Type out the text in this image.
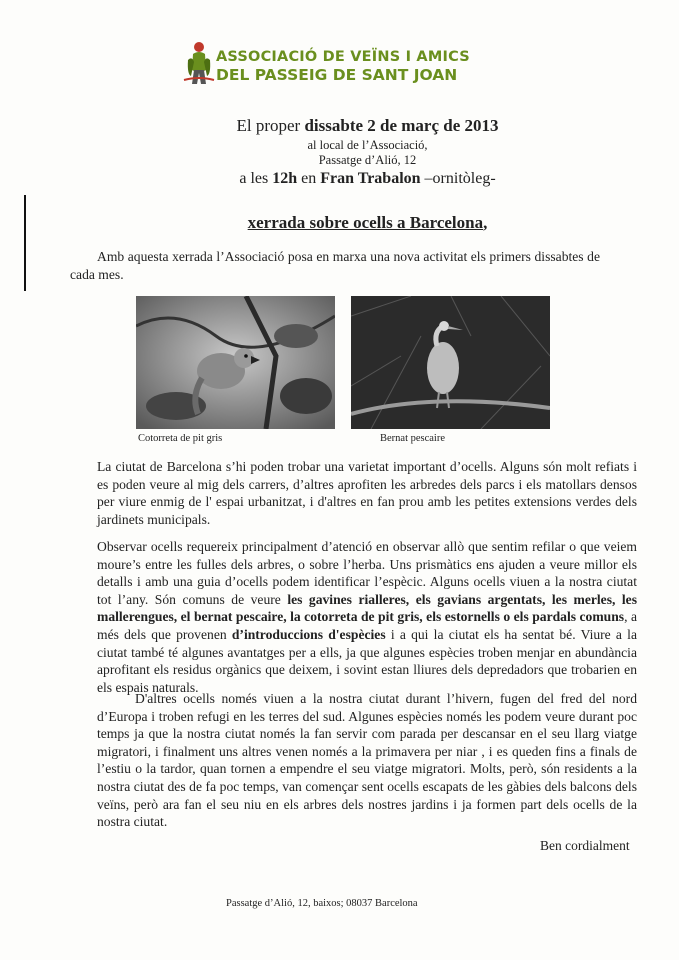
ASSOCIACIÓ DE VEÏNS I AMICS
DEL PASSEIG DE SANT JOAN
El proper dissabte 2 de març de 2013
al local de l’Associació,
Passatge d’Alió, 12
a les 12h en Fran Trabalon –ornitòleg-
xerrada sobre ocells a Barcelona,

Amb aquesta xerrada l’Associació posa en marxa una nova activitat els primers dissabtes de cada mes.

Cotorreta de pit gris	Bernat pescaire

La ciutat de Barcelona s’hi poden trobar una varietat important d’ocells. Alguns són molt refiats i es poden veure al mig dels carrers, d’altres aprofiten les arbredes dels parcs i els matollars densos per viure enmig de l' espai urbanitzat, i d'altres en fan prou amb les petites extensions verdes dels jardinets municipals.

Observar ocells requereix principalment d’atenció en observar allò que sentim refilar o que veiem moure’s entre les fulles dels arbres, o sobre l’herba. Uns prismàtics ens ajuden a veure millor els detalls i amb una guia d’ocells podem identificar l’espècic. Alguns ocells viuen a la nostra ciutat tot l’any. Són comuns de veure les gavines rialleres, els gavians argentats, les merles, les mallerengues, el bernat pescaire, la cotorreta de pit gris, els estornells o els pardals comuns, a més dels que provenen d’introduccions d'espècies i a qui la ciutat els ha sentat bé. Viure a la ciutat també té algunes avantatges per a ells, ja que algunes espècies troben menjar en abundància aprofitant els residus orgànics que deixem, i sovint estan lliures dels depredadors que trobarien en els espais naturals.

D'altres ocells només viuen a la nostra ciutat durant l’hivern, fugen del fred del nord d’Europa i troben refugi en les terres del sud. Algunes espècies només les podem veure durant poc temps ja que la nostra ciutat només la fan servir com parada per descansar en el seu llarg viatge migratori, i finalment uns altres venen només a la primavera per niar , i es queden fins a finals de l’estiu o la tardor, quan tornen a empendre el seu viatge migratori. Molts, però, són residents a la nostra ciutat des de fa poc temps, van començar sent ocells escapats de les gàbies dels balcons dels veïns, però ara fan el seu niu en els arbres dels nostres jardins i ja formen part dels ocells de la nostra ciutat.

Ben cordialment
Passatge d’Alió, 12, baixos; 08037 Barcelona
